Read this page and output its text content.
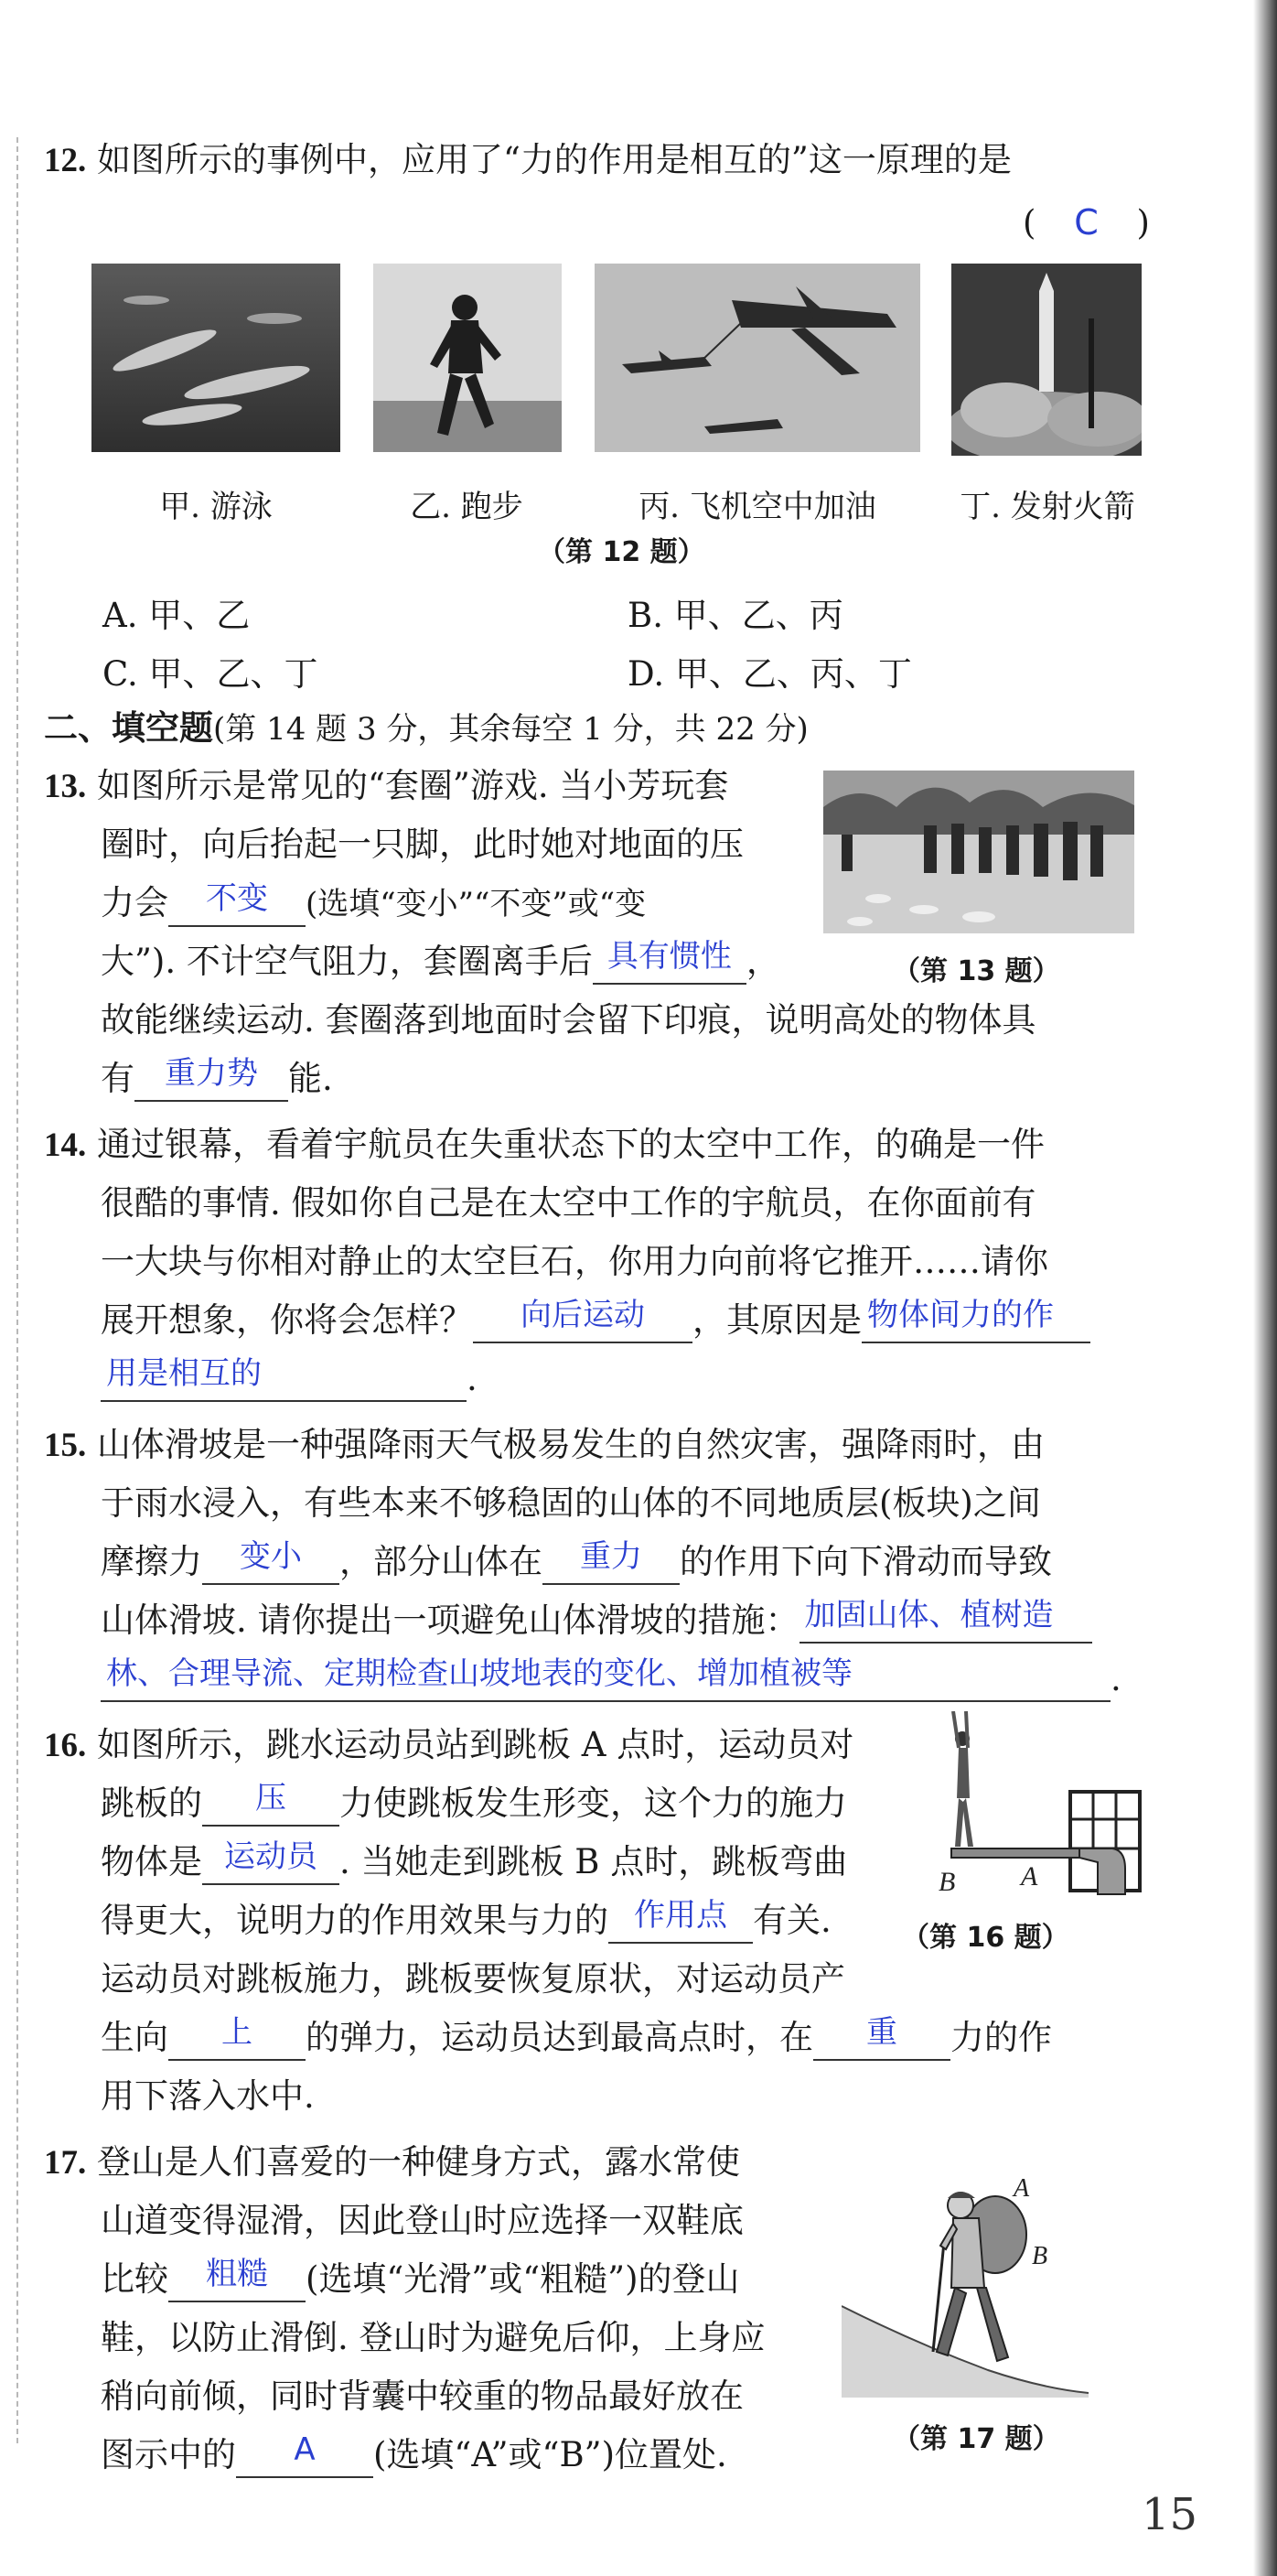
12. 如图所示的事例中，应用了“力的作用是相互的”这一原理的是
( C )
甲. 游泳	乙. 跑步	丙. 飞机空中加油	丁. 发射火箭
（第 12 题）
A. 甲、乙	B. 甲、乙、丙
C. 甲、乙、丁	D. 甲、乙、丙、丁
二、填空题(第 14 题 3 分，其余每空 1 分，共 22 分)
13. 如图所示是常见的“套圈”游戏. 当小芳玩套
圈时，向后抬起一只脚，此时她对地面的压
力会	不变	(选填“变小”“不变”或“变
大”). 不计空气阻力，套圈离手后 具有惯性 ，
故能继续运动. 套圈落到地面时会留下印痕，说明高处的物体具
有 重力势 能.
（第 13 题）
14. 通过银幕，看着宇航员在失重状态下的太空中工作，的确是一件
很酷的事情. 假如你自己是在太空中工作的宇航员，在你面前有
一大块与你相对静止的太空巨石，你用力向前将它推开……请你
展开想象，你将会怎样？	向后运动	，其原因是 物体间力的作
用是相互的	.
15. 山体滑坡是一种强降雨天气极易发生的自然灾害，强降雨时，由
于雨水浸入，有些本来不够稳固的山体的不同地质层(板块)之间
摩擦力	变小	，部分山体在	重力	的作用下向下滑动而导致
山体滑坡. 请你提出一项避免山体滑坡的措施： 加固山体、植树造
林、合理导流、定期检查山坡地表的变化、增加植被等	.
16. 如图所示，跳水运动员站到跳板 A 点时，运动员对
跳板的	压	力使跳板发生形变，这个力的施力
物体是 运动员 . 当她走到跳板 B 点时，跳板弯曲
得更大，说明力的作用效果与力的 作用点 有关.
运动员对跳板施力，跳板要恢复原状，对运动员产
生向	上	的弹力，运动员达到最高点时，在	重	力的作
用下落入水中.
B A
（第 16 题）
17. 登山是人们喜爱的一种健身方式，露水常使
山道变得湿滑，因此登山时应选择一双鞋底
比较	粗糙	(选填“光滑”或“粗糙”)的登山
鞋，以防止滑倒. 登山时为避免后仰，上身应
稍向前倾，同时背囊中较重的物品最好放在
图示中的	A	(选填“A”或“B”)位置处.
A
B
（第 17 题）
15
